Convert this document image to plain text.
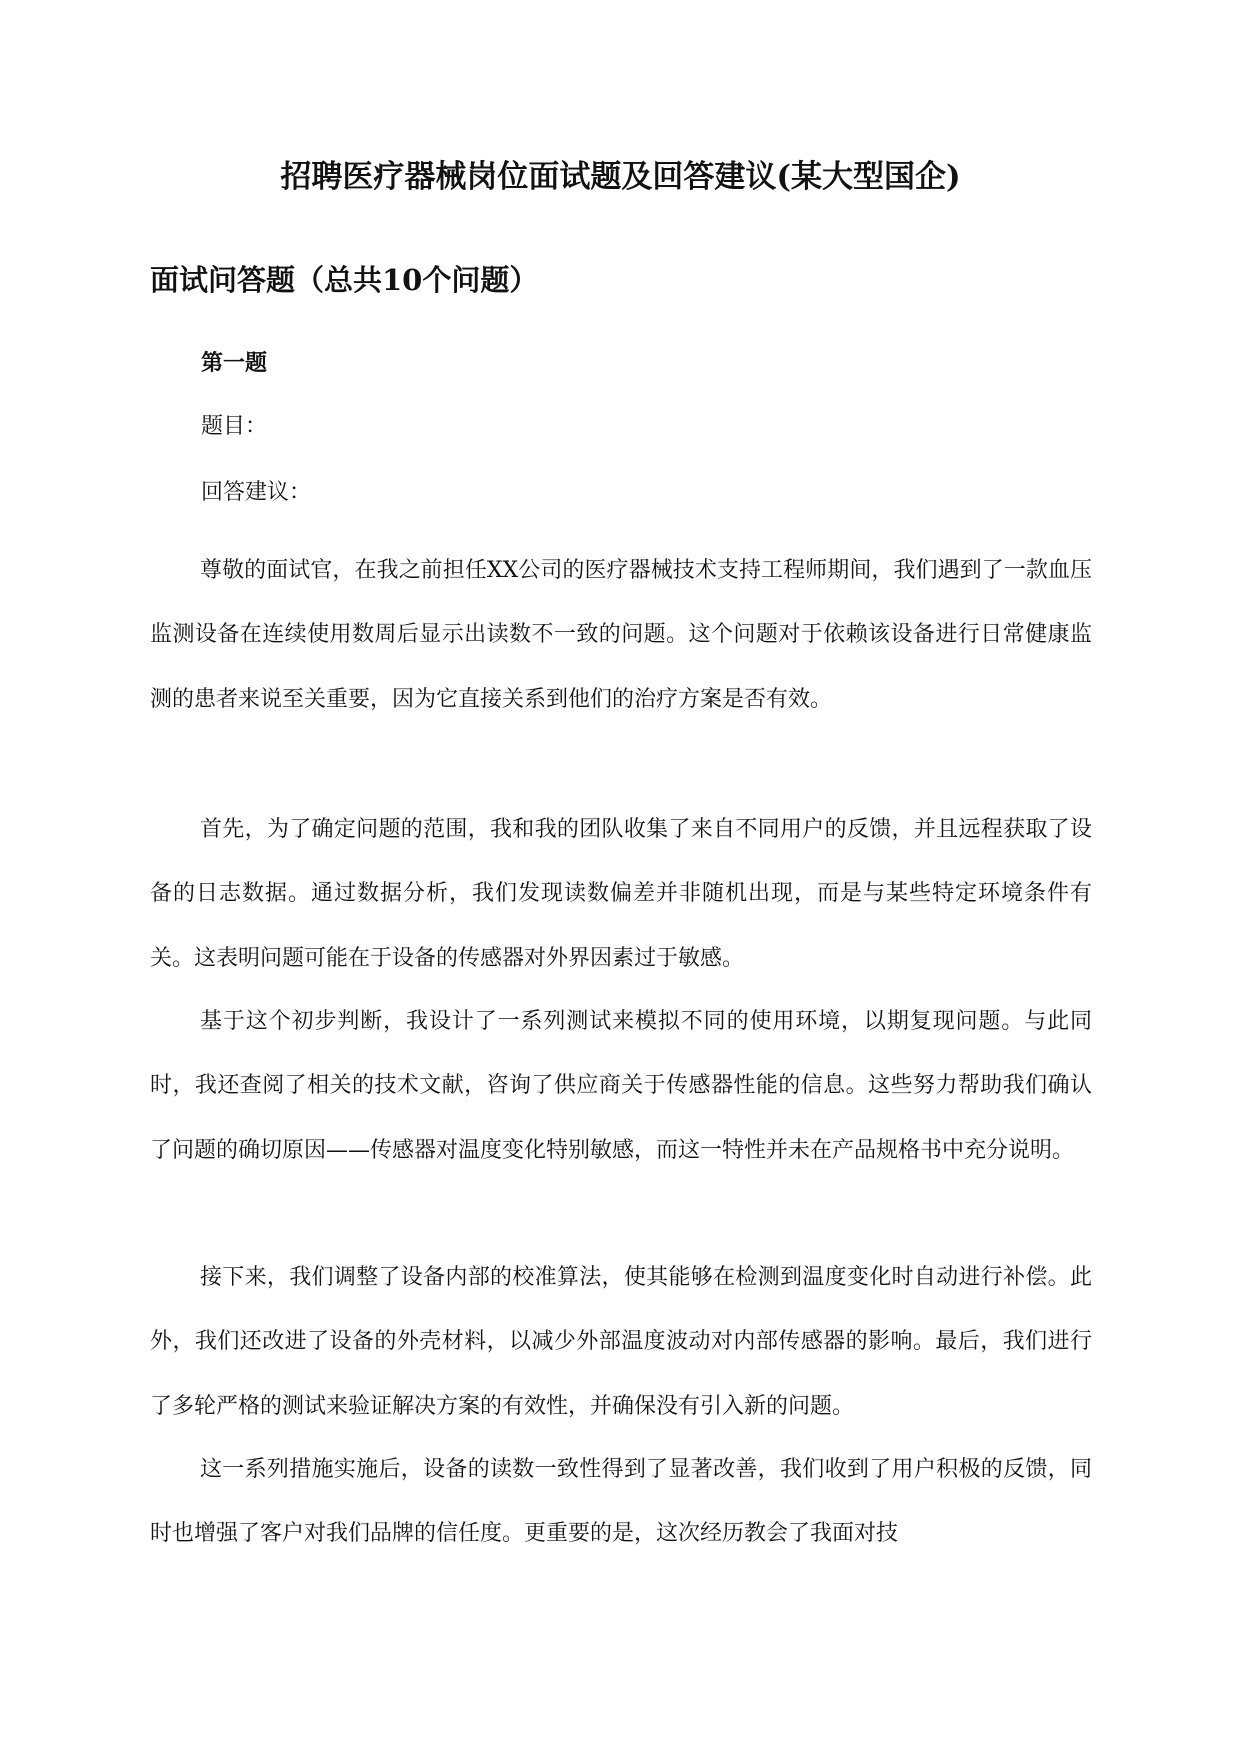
招聘医疗器械岗位面试题及回答建议(某大型国企)
面试问答题（总共10个问题）
第一题
题目：
回答建议：

尊敬的面试官，在我之前担任XX公司的医疗器械技术支持工程师期间，我们遇到了一款血压监测设备在连续使用数周后显示出读数不一致的问题。这个问题对于依赖该设备进行日常健康监测的患者来说至关重要，因为它直接关系到他们的治疗方案是否有效。

首先，为了确定问题的范围，我和我的团队收集了来自不同用户的反馈，并且远程获取了设备的日志数据。通过数据分析，我们发现读数偏差并非随机出现，而是与某些特定环境条件有关。这表明问题可能在于设备的传感器对外界因素过于敏感。

基于这个初步判断，我设计了一系列测试来模拟不同的使用环境，以期复现问题。与此同时，我还查阅了相关的技术文献，咨询了供应商关于传感器性能的信息。这些努力帮助我们确认了问题的确切原因——传感器对温度变化特别敏感，而这一特性并未在产品规格书中充分说明。

接下来，我们调整了设备内部的校准算法，使其能够在检测到温度变化时自动进行补偿。此外，我们还改进了设备的外壳材料，以减少外部温度波动对内部传感器的影响。最后，我们进行了多轮严格的测试来验证解决方案的有效性，并确保没有引入新的问题。

这一系列措施实施后，设备的读数一致性得到了显著改善，我们收到了用户积极的反馈，同时也增强了客户对我们品牌的信任度。更重要的是，这次经历教会了我面对技
